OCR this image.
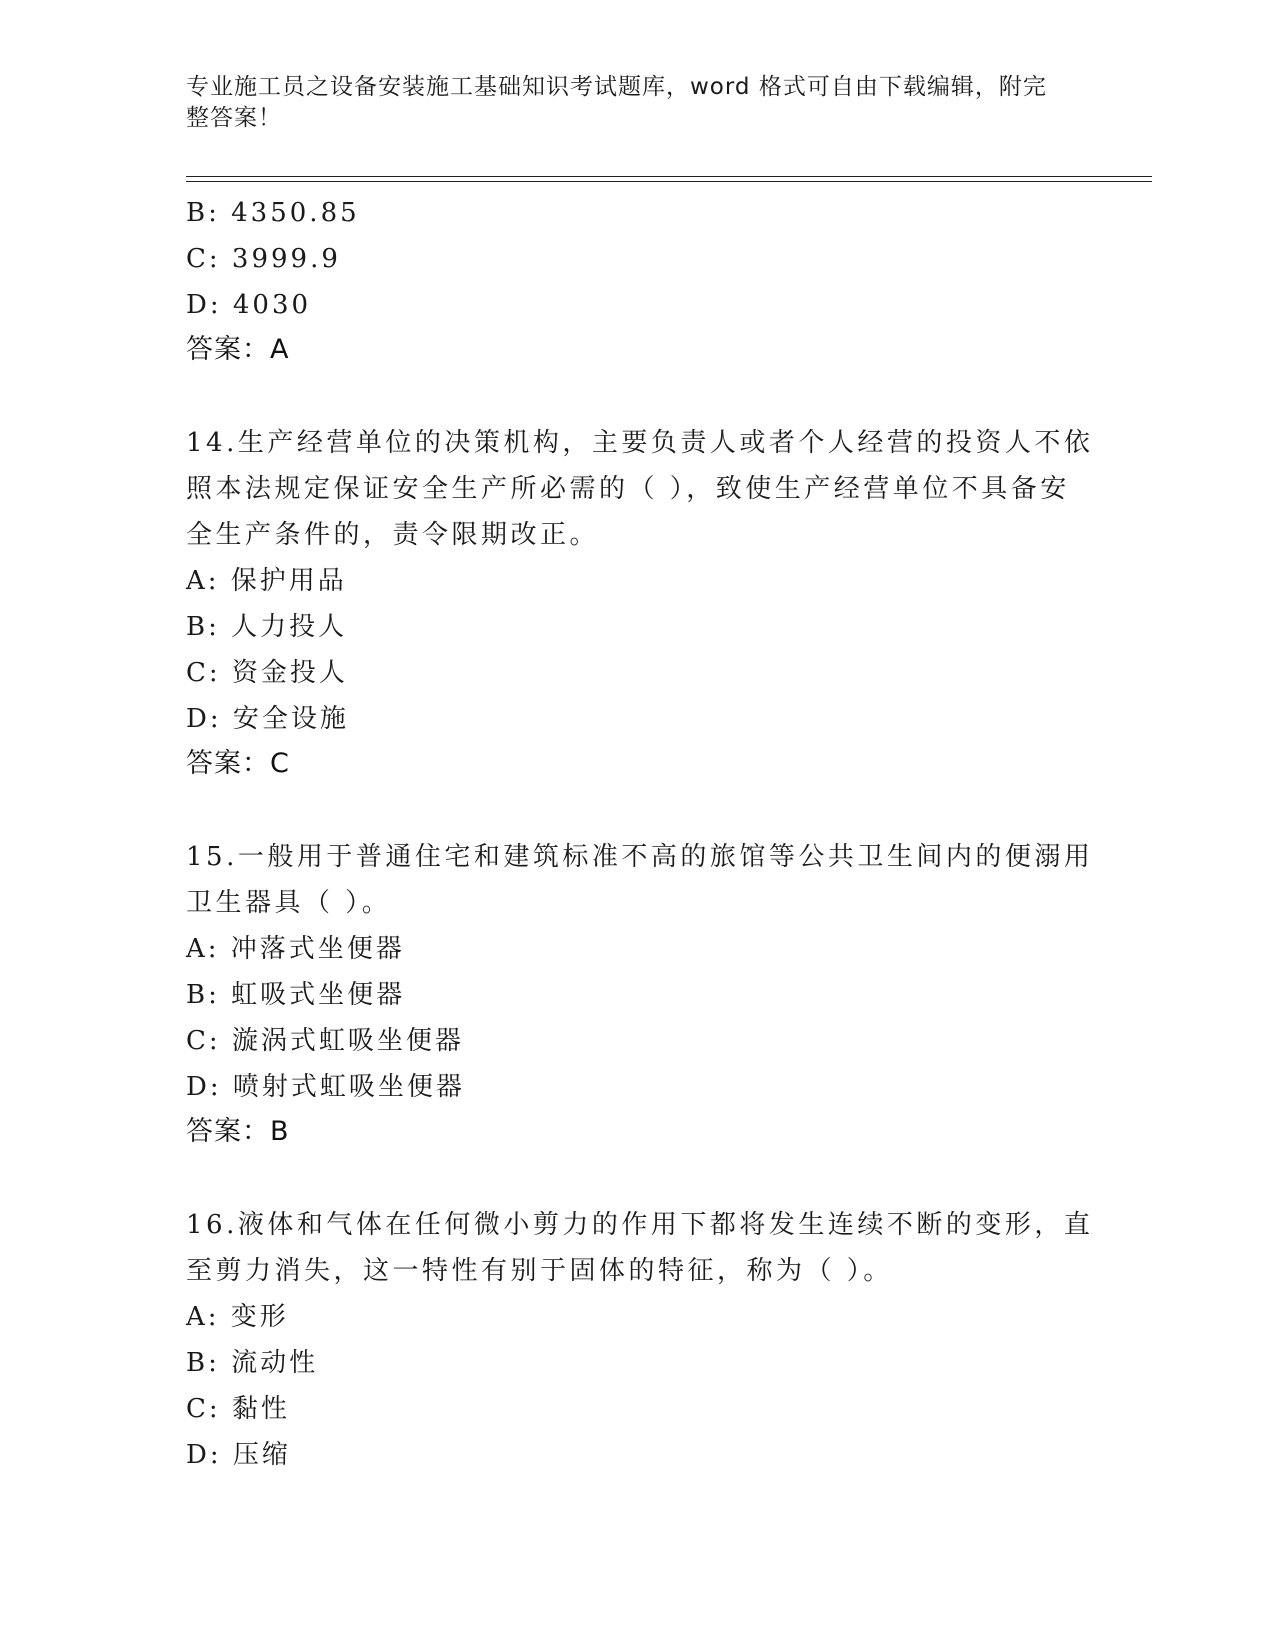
专业施工员之设备安装施工基础知识考试题库，word 格式可自由下载编辑，附完
整答案！
B: 4350.85
C: 3999.9
D: 4030
答案：A
14.生产经营单位的决策机构，主要负责人或者个人经营的投资人不依
照本法规定保证安全生产所必需的（ ），致使生产经营单位不具备安
全生产条件的，责令限期改正。
A: 保护用品
B: 人力投人
C: 资金投人
D: 安全设施
答案：C
15.一般用于普通住宅和建筑标准不高的旅馆等公共卫生间内的便溺用
卫生器具（ ）。
A: 冲落式坐便器
B: 虹吸式坐便器
C: 漩涡式虹吸坐便器
D: 喷射式虹吸坐便器
答案：B
16.液体和气体在任何微小剪力的作用下都将发生连续不断的变形，直
至剪力消失，这一特性有别于固体的特征，称为（ ）。
A: 变形
B: 流动性
C: 黏性
D: 压缩
